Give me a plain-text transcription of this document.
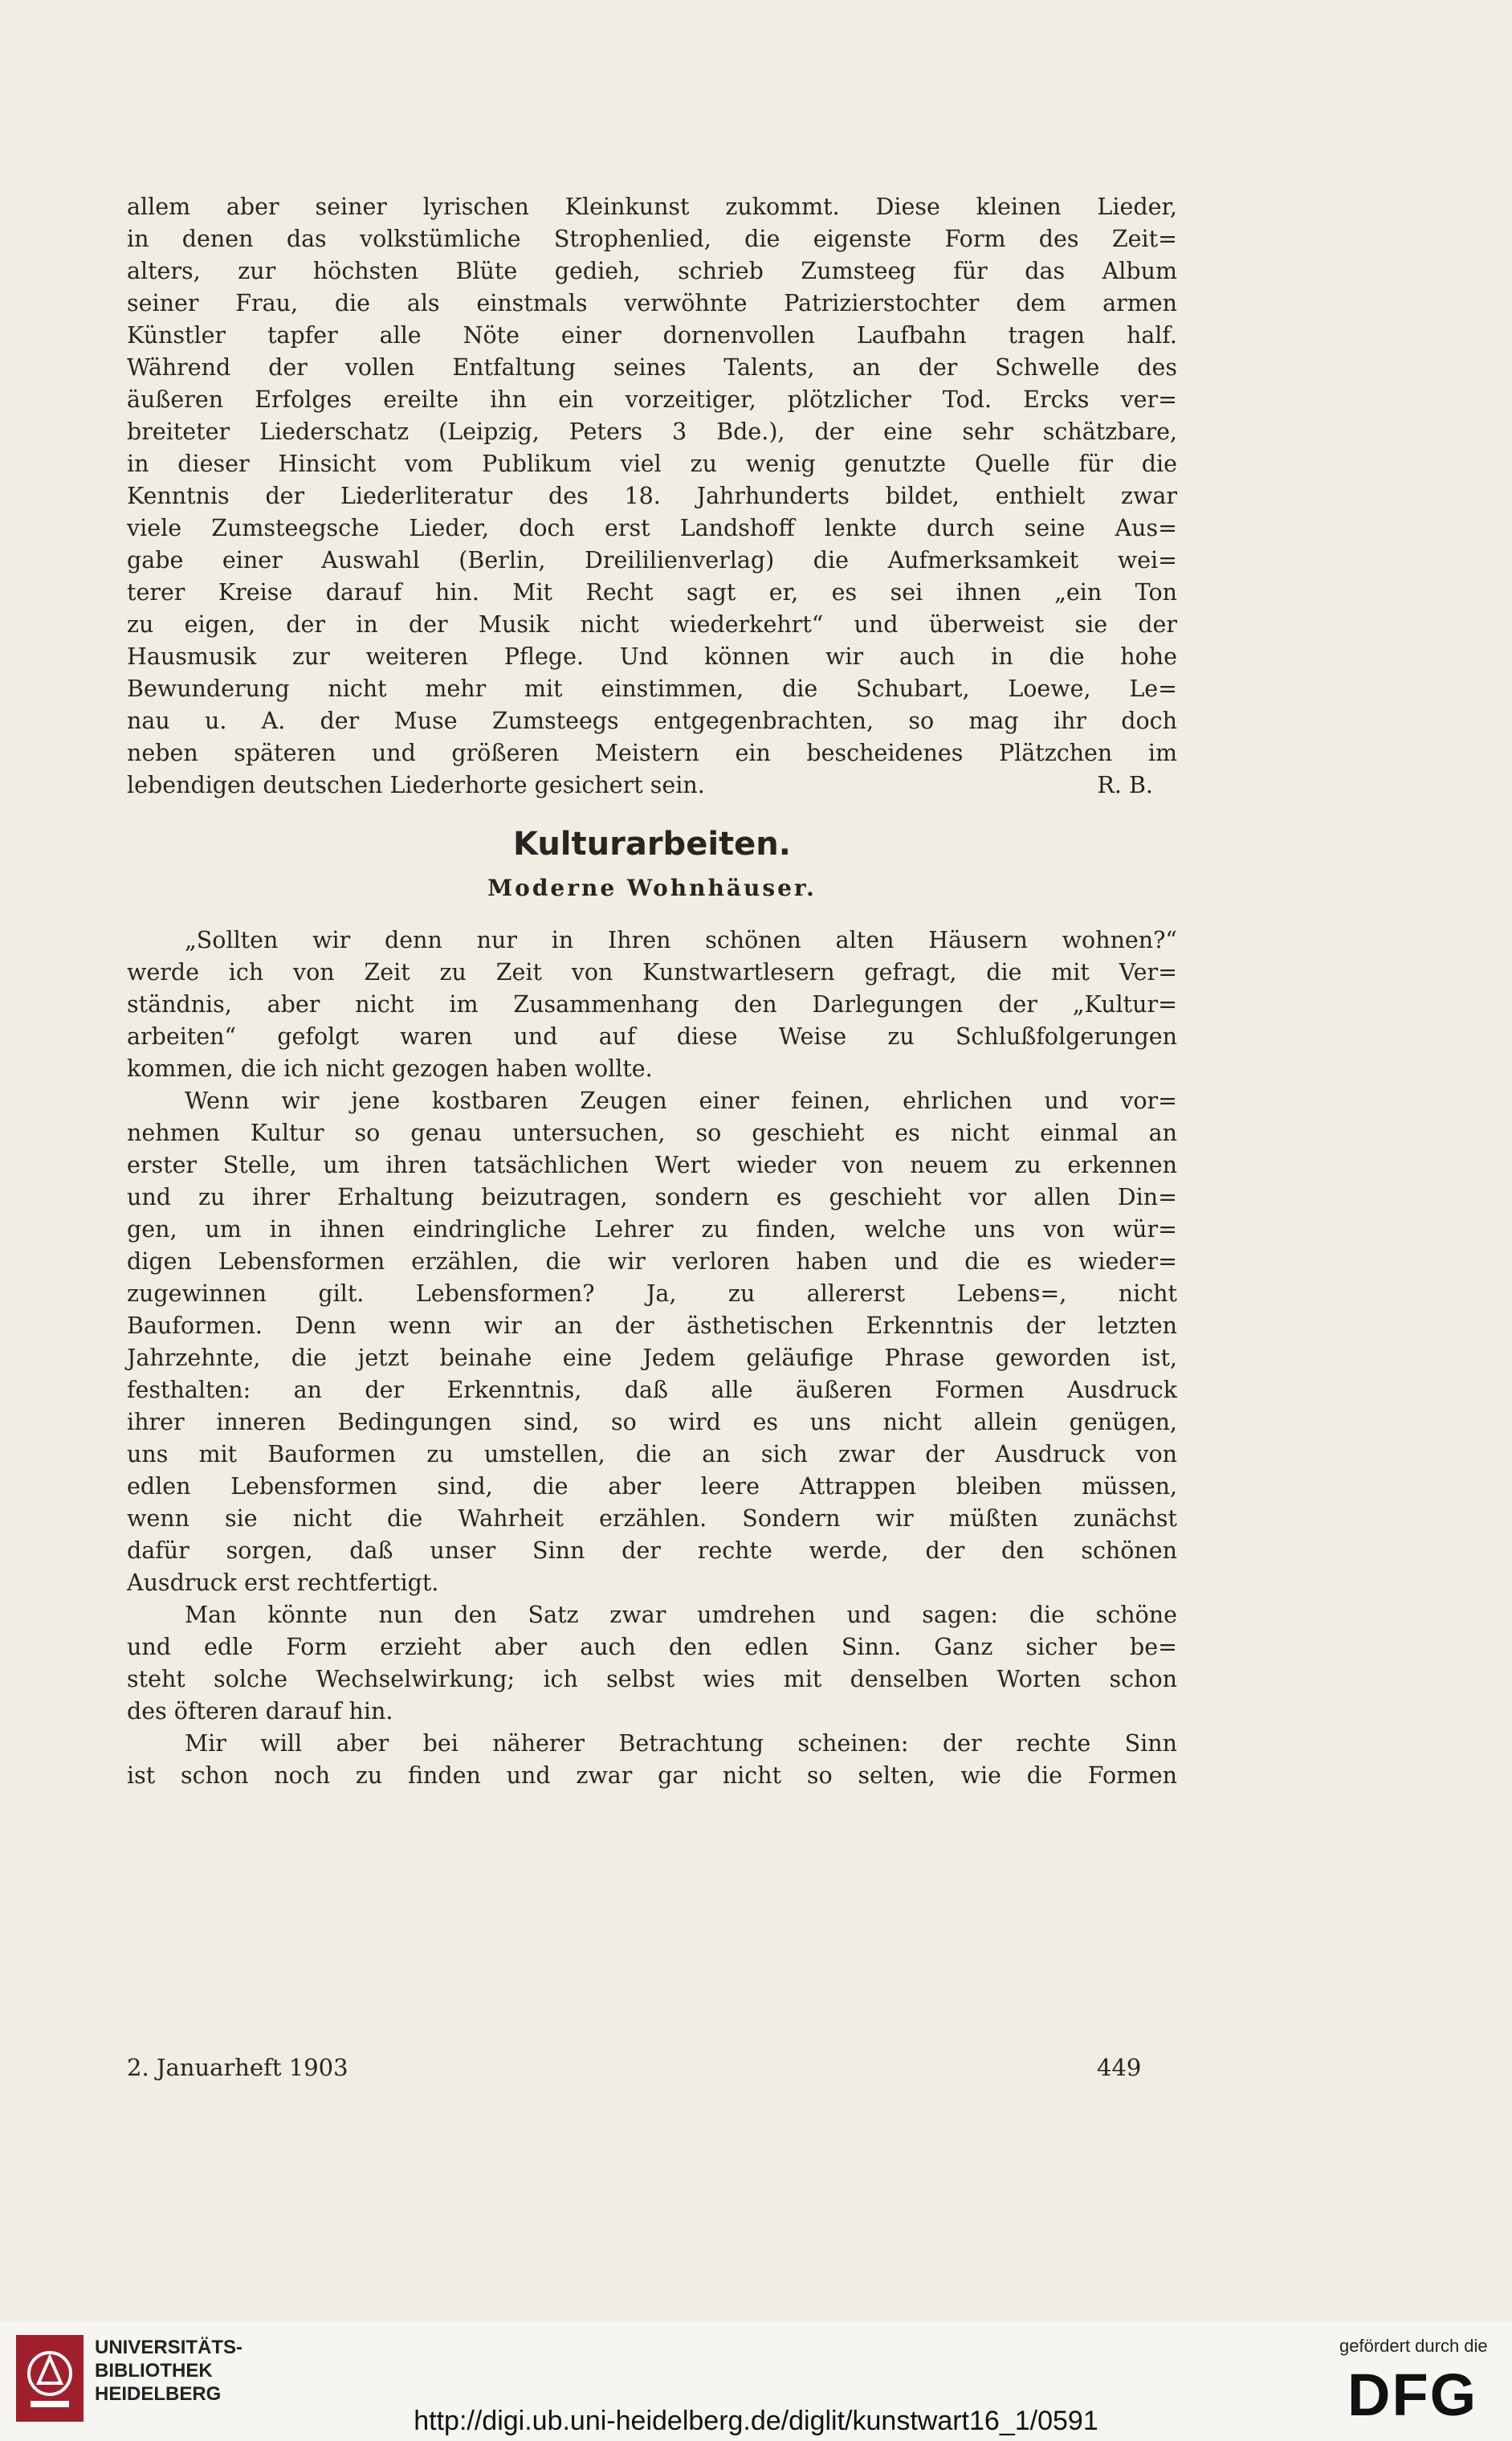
allem aber seiner lyrischen Kleinkunst zukommt. Diese kleinen Lieder,
in denen das volkstümliche Strophenlied, die eigenste Form des Zeit=
alters, zur höchsten Blüte gedieh, schrieb Zumsteeg für das Album
seiner Frau, die als einstmals verwöhnte Patrizierstochter dem armen
Künstler tapfer alle Nöte einer dornenvollen Laufbahn tragen half.
Während der vollen Entfaltung seines Talents, an der Schwelle des
äußeren Erfolges ereilte ihn ein vorzeitiger, plötzlicher Tod. Ercks ver=
breiteter Liederschatz (Leipzig, Peters 3 Bde.), der eine sehr schätzbare,
in dieser Hinsicht vom Publikum viel zu wenig genutzte Quelle für die
Kenntnis der Liederliteratur des 18. Jahrhunderts bildet, enthielt zwar
viele Zumsteegsche Lieder, doch erst Landshoff lenkte durch seine Aus=
gabe einer Auswahl (Berlin, Dreililienverlag) die Aufmerksamkeit wei=
terer Kreise darauf hin. Mit Recht sagt er, es sei ihnen „ein Ton
zu eigen, der in der Musik nicht wiederkehrt“ und überweist sie der
Hausmusik zur weiteren Pflege. Und können wir auch in die hohe
Bewunderung nicht mehr mit einstimmen, die Schubart, Loewe, Le=
nau u. A. der Muse Zumsteegs entgegenbrachten, so mag ihr doch
neben späteren und größeren Meistern ein bescheidenes Plätzchen im
lebendigen deutschen Liederhorte gesichert sein.	R. B.
Kulturarbeiten.
Moderne Wohnhäuser.
„Sollten wir denn nur in Ihren schönen alten Häusern wohnen?“
werde ich von Zeit zu Zeit von Kunstwartlesern gefragt, die mit Ver=
ständnis, aber nicht im Zusammenhang den Darlegungen der „Kultur=
arbeiten“ gefolgt waren und auf diese Weise zu Schlußfolgerungen
kommen, die ich nicht gezogen haben wollte.
Wenn wir jene kostbaren Zeugen einer feinen, ehrlichen und vor=
nehmen Kultur so genau untersuchen, so geschieht es nicht einmal an
erster Stelle, um ihren tatsächlichen Wert wieder von neuem zu erkennen
und zu ihrer Erhaltung beizutragen, sondern es geschieht vor allen Din=
gen, um in ihnen eindringliche Lehrer zu finden, welche uns von wür=
digen Lebensformen erzählen, die wir verloren haben und die es wieder=
zugewinnen gilt. Lebensformen? Ja, zu allererst Lebens=, nicht
Bauformen. Denn wenn wir an der ästhetischen Erkenntnis der letzten
Jahrzehnte, die jetzt beinahe eine Jedem geläufige Phrase geworden ist,
festhalten: an der Erkenntnis, daß alle äußeren Formen Ausdruck
ihrer inneren Bedingungen sind, so wird es uns nicht allein genügen,
uns mit Bauformen zu umstellen, die an sich zwar der Ausdruck von
edlen Lebensformen sind, die aber leere Attrappen bleiben müssen,
wenn sie nicht die Wahrheit erzählen. Sondern wir müßten zunächst
dafür sorgen, daß unser Sinn der rechte werde, der den schönen
Ausdruck erst rechtfertigt.
Man könnte nun den Satz zwar umdrehen und sagen: die schöne
und edle Form erzieht aber auch den edlen Sinn. Ganz sicher be=
steht solche Wechselwirkung; ich selbst wies mit denselben Worten schon
des öfteren darauf hin.
Mir will aber bei näherer Betrachtung scheinen: der rechte Sinn
ist schon noch zu finden und zwar gar nicht so selten, wie die Formen
2. Januarheft 1903	449
UNIVERSITÄTS-
BIBLIOTHEK
HEIDELBERG
http://digi.ub.uni-heidelberg.de/diglit/kunstwart16_1/0591
gefördert durch die
DFG
